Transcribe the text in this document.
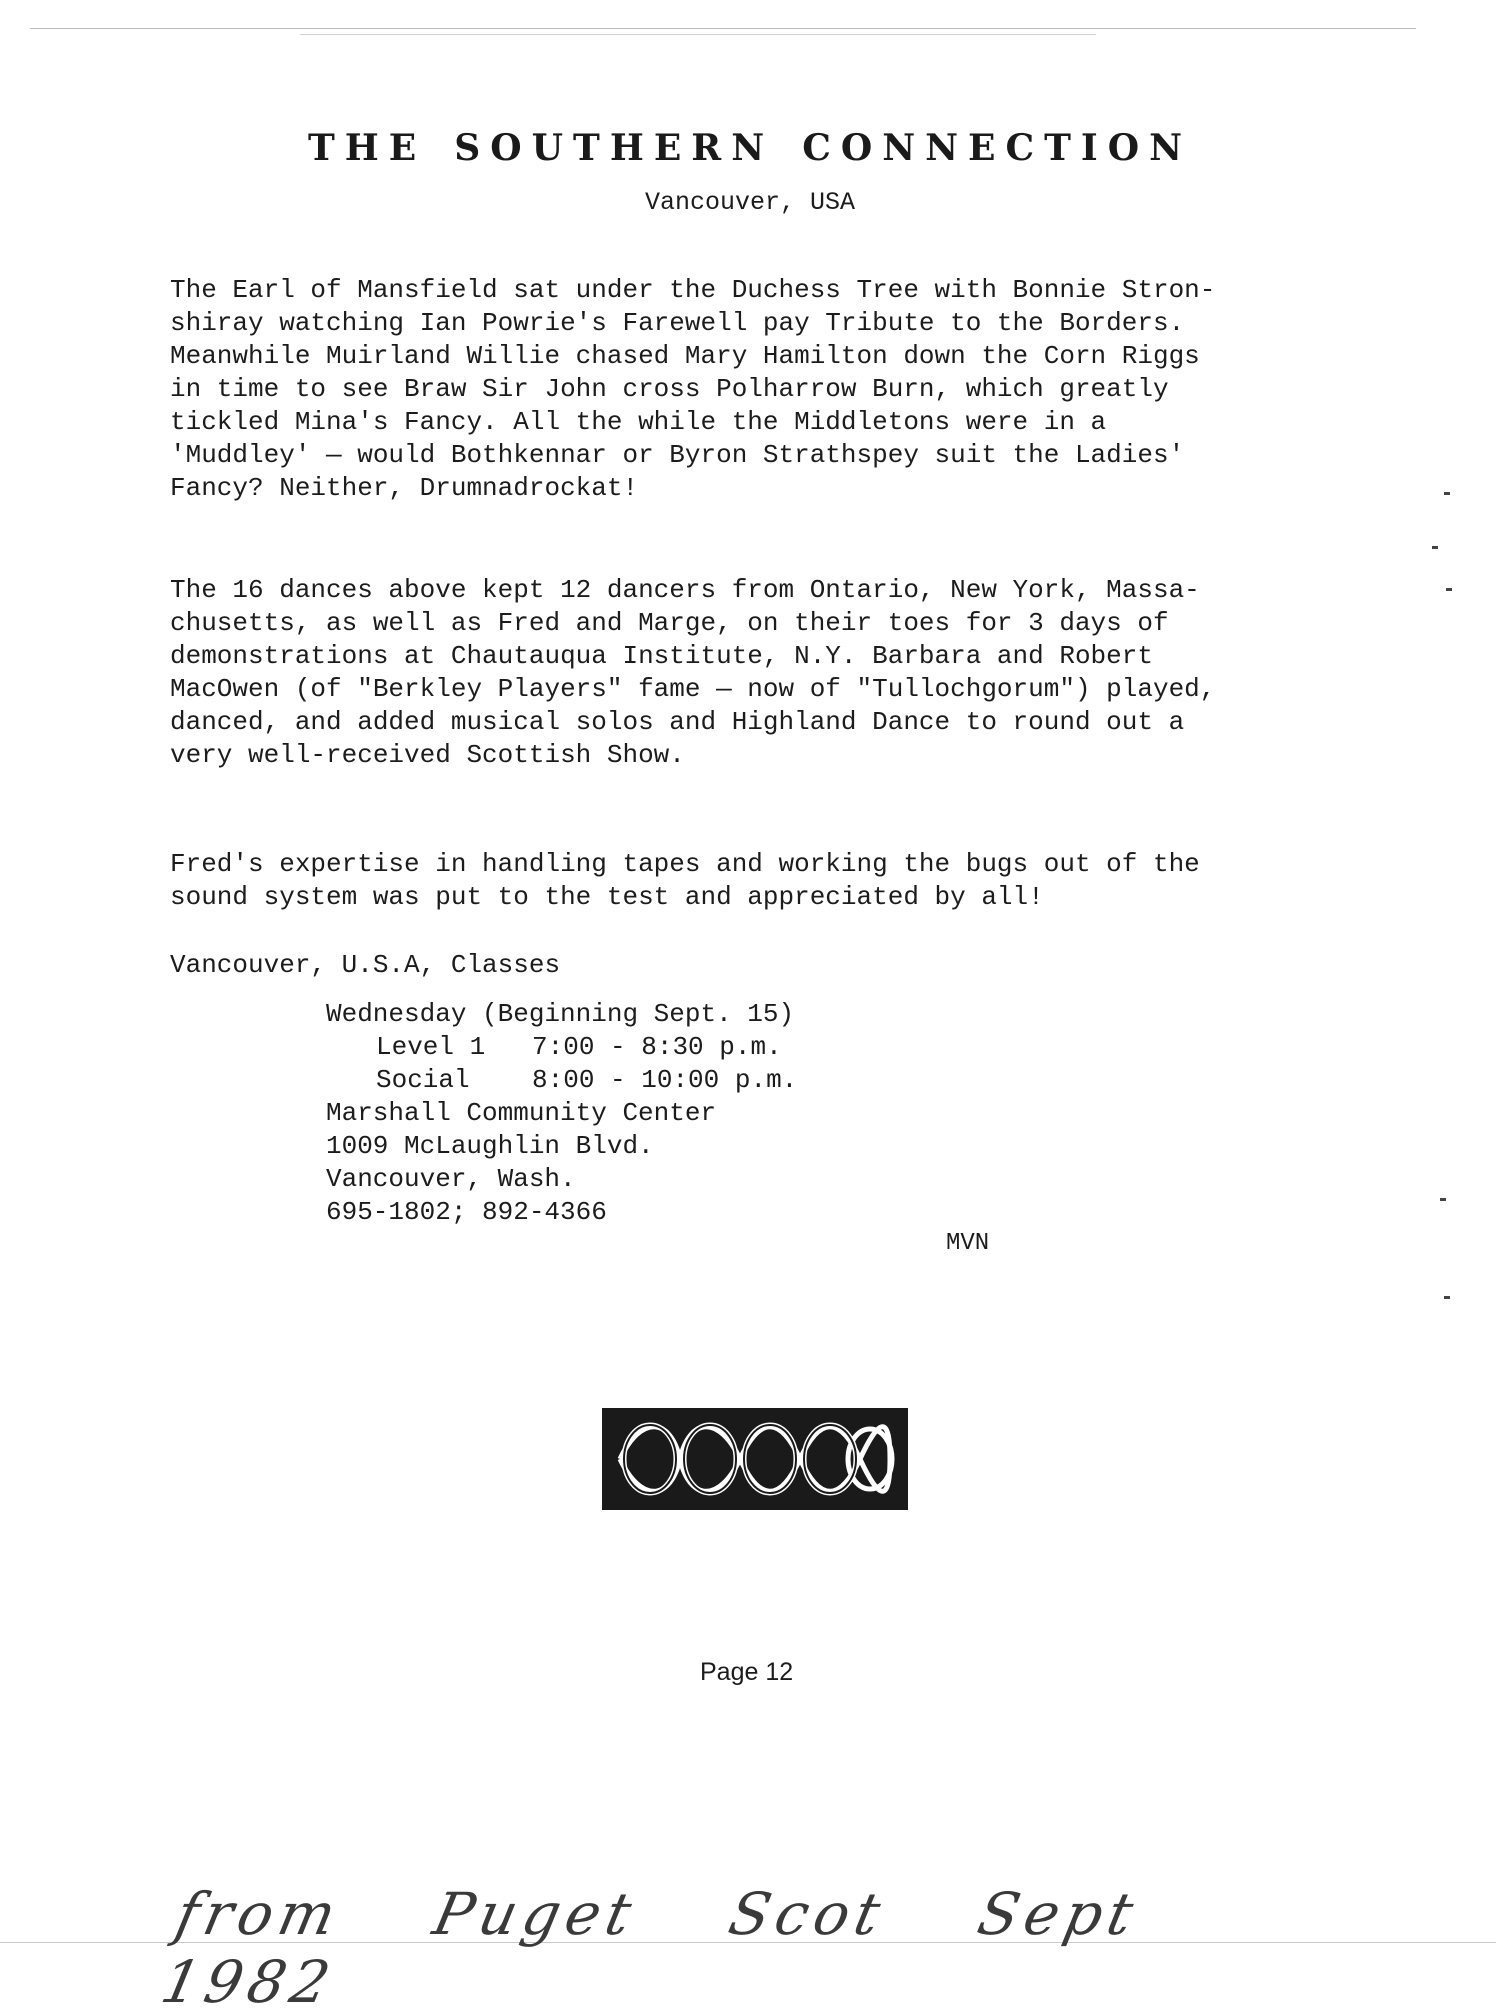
the southern connection
Vancouver, USA
The Earl of Mansfield sat under the Duchess Tree with Bonnie Stron-
shiray watching Ian Powrie's Farewell pay Tribute to the Borders.
Meanwhile Muirland Willie chased Mary Hamilton down the Corn Riggs
in time to see Braw Sir John cross Polharrow Burn, which greatly
tickled Mina's Fancy. All the while the Middletons were in a
'Muddley' — would Bothkennar or Byron Strathspey suit the Ladies'
Fancy? Neither, Drumnadrockat!
The 16 dances above kept 12 dancers from Ontario, New York, Massa-
chusetts, as well as Fred and Marge, on their toes for 3 days of
demonstrations at Chautauqua Institute, N.Y. Barbara and Robert
MacOwen (of "Berkley Players" fame — now of "Tullochgorum") played,
danced, and added musical solos and Highland Dance to round out a
very well-received Scottish Show.
Fred's expertise in handling tapes and working the bugs out of the
sound system was put to the test and appreciated by all!
Vancouver, U.S.A, Classes
Wednesday (Beginning Sept. 15)
Level 1   7:00 - 8:30 p.m.
Social    8:00 - 10:00 p.m.
Marshall Community Center
1009 McLaughlin Blvd.
Vancouver, Wash.
695-1802; 892-4366
MVN
Page 12
from Puget Scot Sept 1982
